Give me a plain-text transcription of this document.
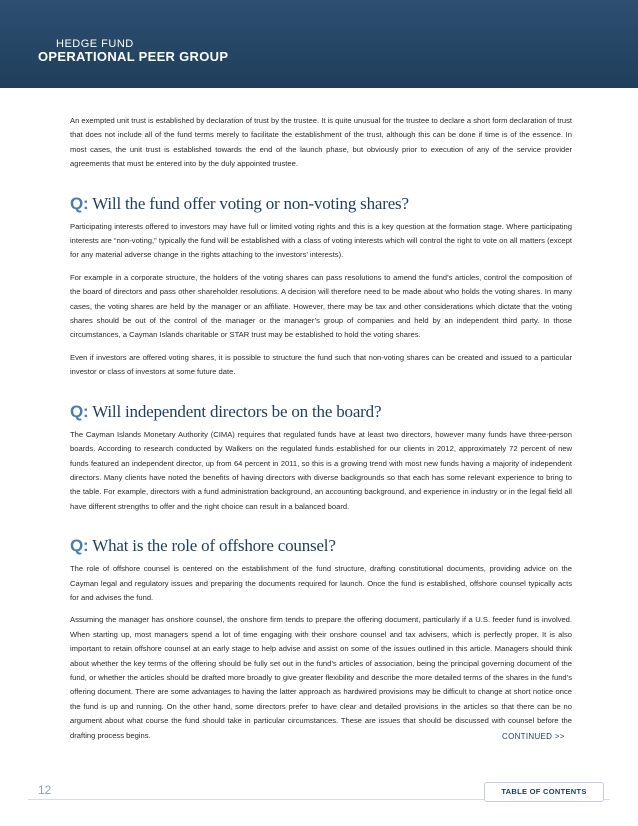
HEDGE FUND
OPERATIONAL PEER GROUP

An exempted unit trust is established by declaration of trust by the trustee. It is quite unusual for the trustee to declare a short form declaration of trust that does not include all of the fund terms merely to facilitate the establishment of the trust, although this can be done if time is of the essence. In most cases, the unit trust is established towards the end of the launch phase, but obviously prior to execution of any of the service provider agreements that must be entered into by the duly appointed trustee.

Q: Will the fund offer voting or non-voting shares?

Participating interests offered to investors may have full or limited voting rights and this is a key question at the formation stage. Where participating interests are “non-voting,” typically the fund will be established with a class of voting interests which will control the right to vote on all matters (except for any material adverse change in the rights attaching to the investors’ interests).

For example in a corporate structure, the holders of the voting shares can pass resolutions to amend the fund’s articles, control the composition of the board of directors and pass other shareholder resolutions. A decision will therefore need to be made about who holds the voting shares. In many cases, the voting shares are held by the manager or an affiliate. However, there may be tax and other considerations which dictate that the voting shares should be out of the control of the manager or the manager’s group of companies and held by an independent third party. In those circumstances, a Cayman Islands charitable or STAR trust may be established to hold the voting shares.

Even if investors are offered voting shares, it is possible to structure the fund such that non-voting shares can be created and issued to a particular investor or class of investors at some future date.

Q: Will independent directors be on the board?

The Cayman Islands Monetary Authority (CIMA) requires that regulated funds have at least two directors, however many funds have three-person boards. According to research conducted by Walkers on the regulated funds established for our clients in 2012, approximately 72 percent of new funds featured an independent director, up from 64 percent in 2011, so this is a growing trend with most new funds having a majority of independent directors. Many clients have noted the benefits of having directors with diverse backgrounds so that each has some relevant experience to bring to the table. For example, directors with a fund administration background, an accounting background, and experience in industry or in the legal field all have different strengths to offer and the right choice can result in a balanced board.

Q: What is the role of offshore counsel?

The role of offshore counsel is centered on the establishment of the fund structure, drafting constitutional documents, providing advice on the Cayman legal and regulatory issues and preparing the documents required for launch. Once the fund is established, offshore counsel typically acts for and advises the fund.

Assuming the manager has onshore counsel, the onshore firm tends to prepare the offering document, particularly if a U.S. feeder fund is involved. When starting up, most managers spend a lot of time engaging with their onshore counsel and tax advisers, which is perfectly proper. It is also important to retain offshore counsel at an early stage to help advise and assist on some of the issues outlined in this article. Managers should think about whether the key terms of the offering should be fully set out in the fund’s articles of association, being the principal governing document of the fund, or whether the articles should be drafted more broadly to give greater flexibility and describe the more detailed terms of the shares in the fund’s offering document. There are some advantages to having the latter approach as hardwired provisions may be difficult to change at short notice once the fund is up and running. On the other hand, some directors prefer to have clear and detailed provisions in the articles so that there can be no argument about what course the fund should take in particular circumstances. These are issues that should be discussed with counsel before the drafting process begins.	CONTINUED >>
12	TABLE OF CONTENTS
